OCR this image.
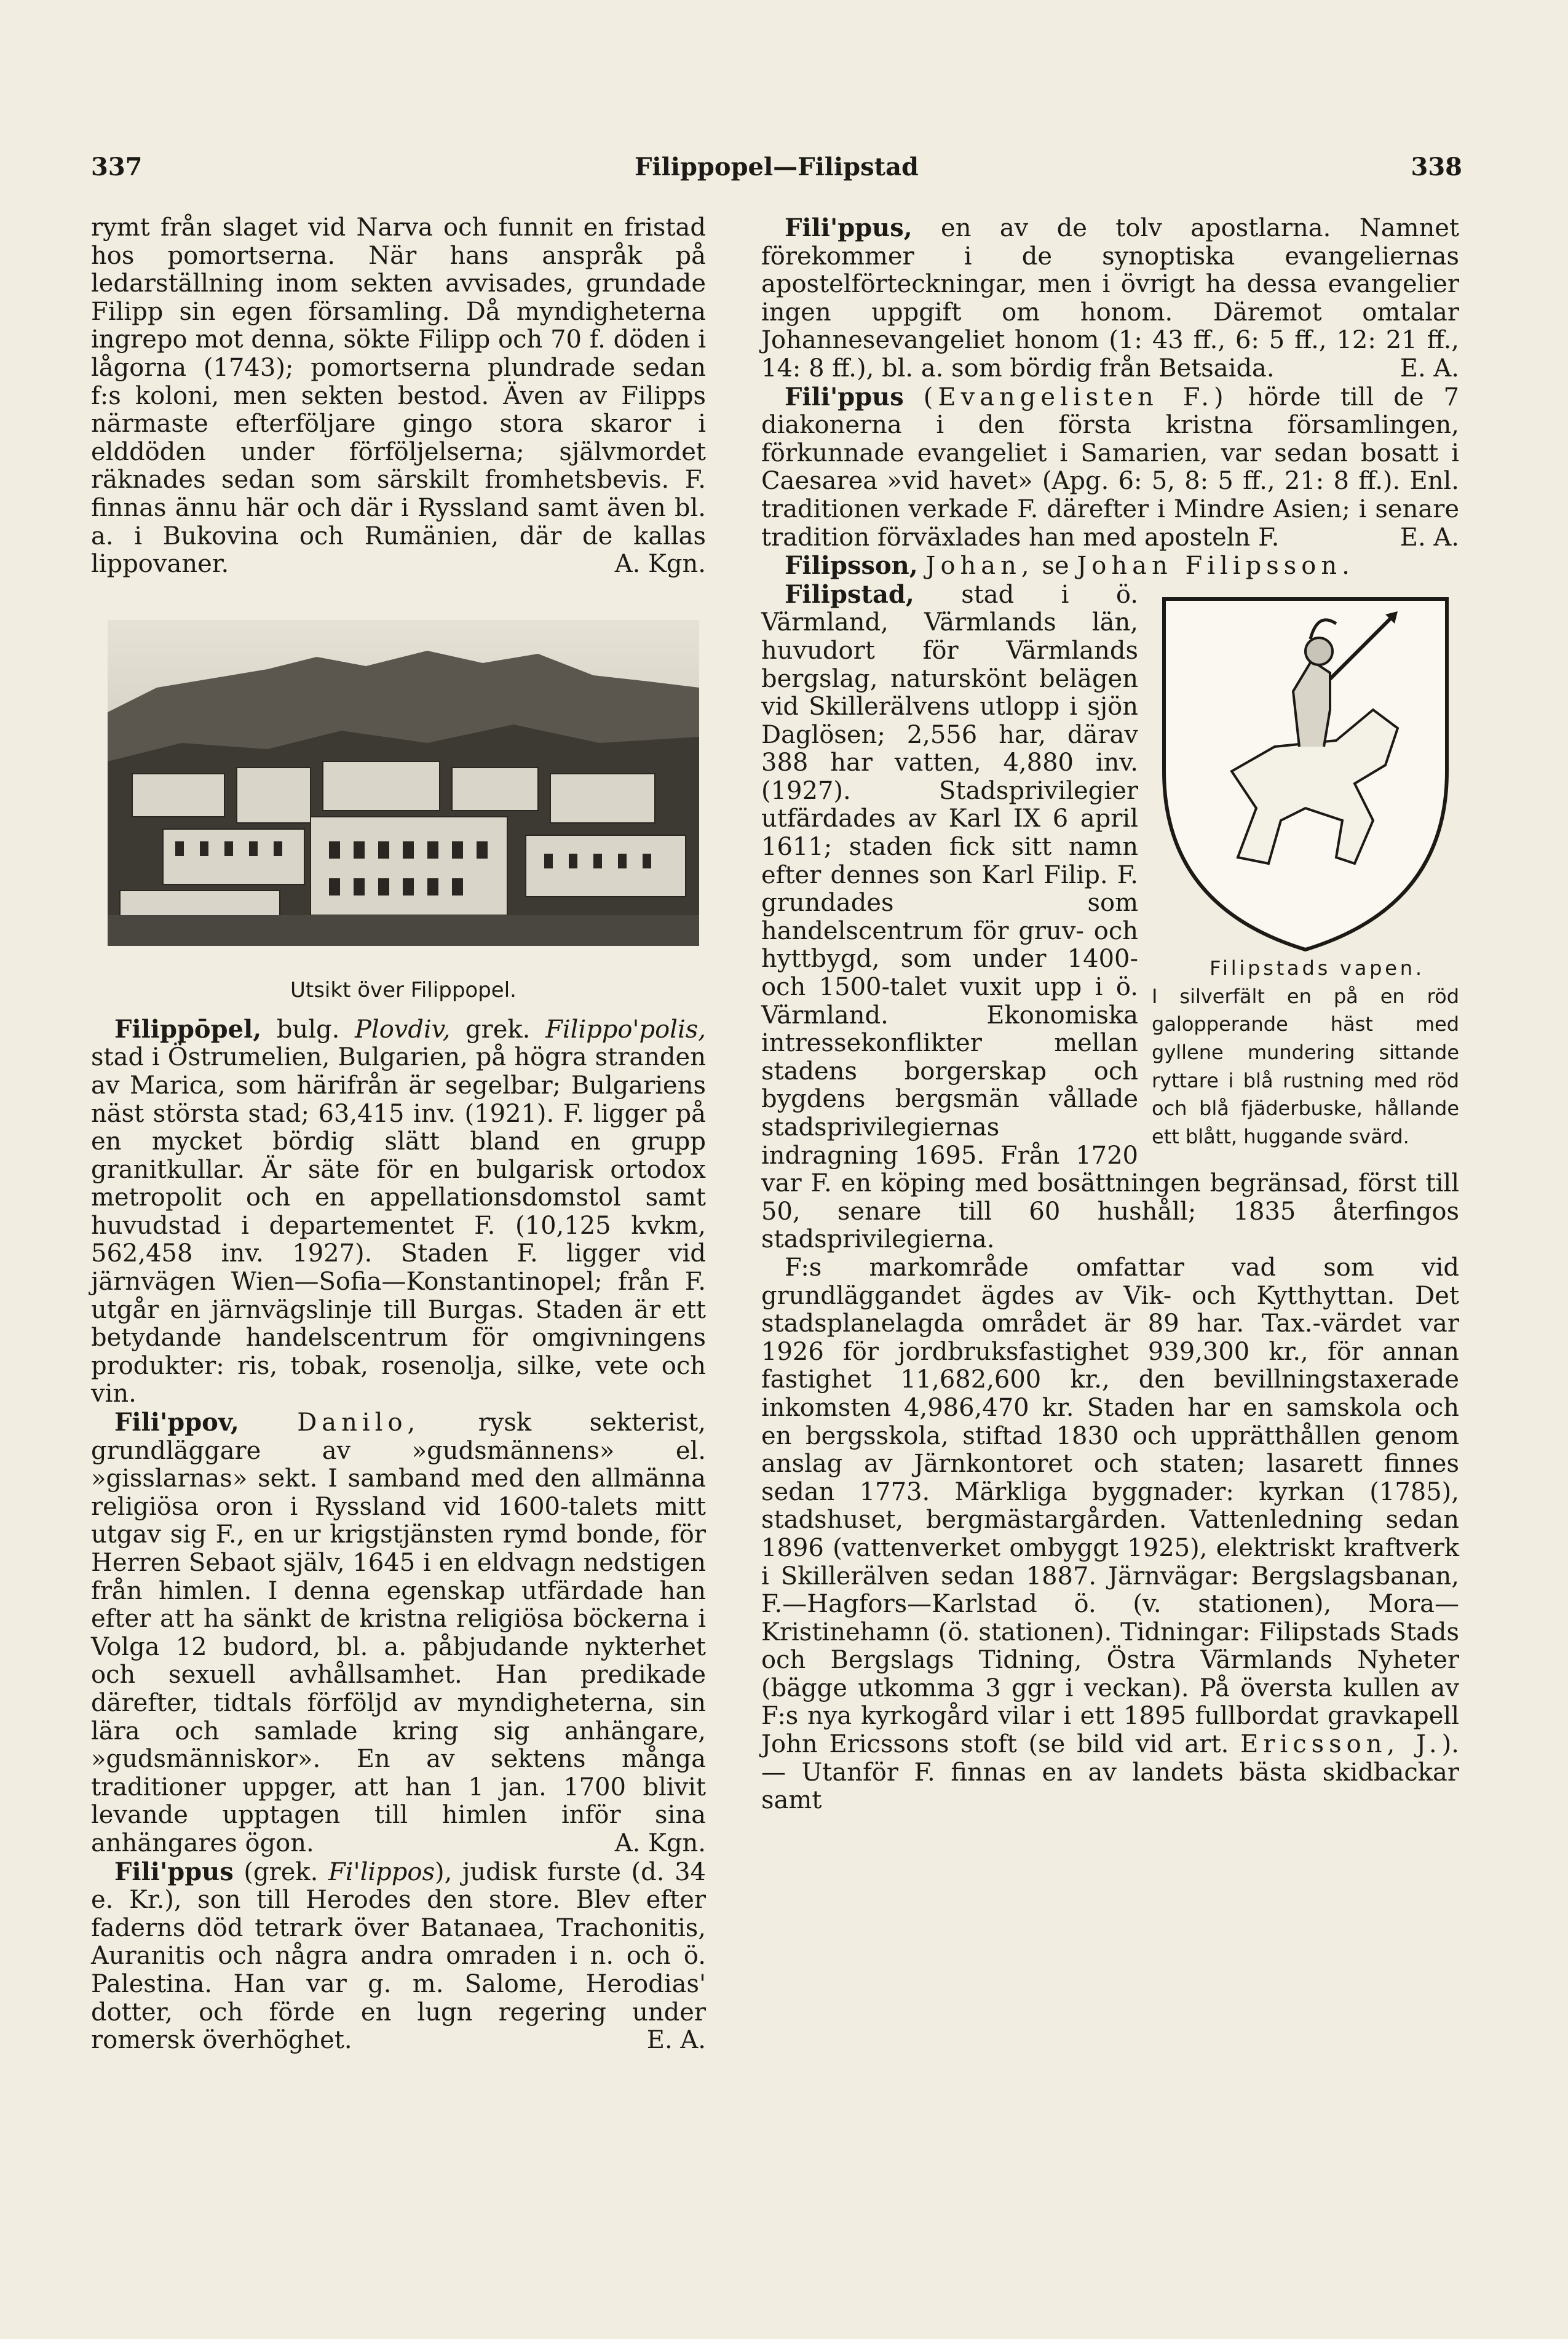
337	Filippopel—Filipstad	338

rymt från slaget vid Narva och funnit en fristad hos pomortserna. När hans anspråk på ledarställning inom sekten avvisades, grundade Filipp sin egen församling. Då myndigheterna ingrepo mot denna, sökte Filipp och 70 f. döden i lågorna (1743); pomortserna plundrade sedan f:s koloni, men sekten bestod. Även av Filipps närmaste efterföljare gingo stora skaror i elddöden under förföljelserna; självmordet räknades sedan som särskilt fromhetsbevis. F. finnas ännu här och där i Ryssland samt även bl. a. i Bukovina och Rumänien, där de kallas lippovaner.	A. Kgn.

Filippōpel, bulg. Plovdiv, grek. Filippo'polis, stad i Östrumelien, Bulgarien, på högra stranden av Marica, som härifrån är segelbar; Bulgariens näst största stad; 63,415 inv. (1921). F. ligger på en mycket bördig slätt bland en grupp granitkullar. Är säte för en bulgarisk ortodox metropolit och en appellationsdomstol samt huvudstad i departementet F. (10,125 kvkm, 562,458 inv. 1927). Staden F. ligger vid järnvägen Wien—Sofia—Konstantinopel; från F. utgår en järnvägslinje till Burgas. Staden är ett betydande handelscentrum för omgivningens produkter: ris, tobak, rosenolja, silke, vete och vin.

Fili'ppov, Danilo, rysk sekterist, grundläggare av »gudsmännens» el. »gisslarnas» sekt. I samband med den allmänna religiösa oron i Ryssland vid 1600-talets mitt utgav sig F., en ur krigstjänsten rymd bonde, för Herren Sebaot själv, 1645 i en eldvagn nedstigen från himlen. I denna egenskap utfärdade han efter att ha sänkt de kristna religiösa böckerna i Volga 12 budord, bl. a. påbjudande nykterhet och sexuell avhållsamhet. Han predikade därefter, tidtals förföljd av myndigheterna, sin lära och samlade kring sig anhängare, »gudsmänniskor». En av sektens många traditioner uppger, att han 1 jan. 1700 blivit levande upptagen till himlen inför sina anhängares ögon.	A. Kgn.

Fili'ppus (grek. Fi'lippos), judisk furste (d. 34 e. Kr.), son till Herodes den store. Blev efter faderns död tetrark över Batanaea, Trachonitis, Auranitis och några andra omraden i n. och ö. Palestina. Han var g. m. Salome, Herodias' dotter, och förde en lugn regering under romersk överhöghet.	E. A.

Utsikt över Filippopel.

Fili'ppus, en av de tolv apostlarna. Namnet förekommer i de synoptiska evangeliernas apostelförteckningar, men i övrigt ha dessa evangelier ingen uppgift om honom. Däremot omtalar Johannesevangeliet honom (1: 43 ff., 6: 5 ff., 12: 21 ff., 14: 8 ff.), bl. a. som bördig från Betsaida.	E. A.

Fili'ppus (Evangelisten F.) hörde till de 7 diakonerna i den första kristna församlingen, förkunnade evangeliet i Samarien, var sedan bosatt i Caesarea »vid havet» (Apg. 6: 5, 8: 5 ff., 21: 8 ff.). Enl. traditionen verkade F. därefter i Mindre Asien; i senare tradition förväxlades han med aposteln F.	E. A.

Filipsson, Johan, se Johan Filipsson.

Filipstads vapen.
I silverfält en på en röd galopperande häst med gyllene mundering sittande ryttare i blå rustning med röd och blå fjäderbuske, hållande ett blått, huggande svärd.
Filipstad, stad i ö. Värmland, Värmlands län, huvudort för Värmlands bergslag, naturskönt belägen vid Skillerälvens utlopp i sjön Daglösen; 2,556 har, därav 388 har vatten, 4,880 inv. (1927). Stadsprivilegier utfärdades av Karl IX 6 april 1611; staden fick sitt namn efter dennes son Karl Filip. F. grundades som handelscentrum för gruv- och hyttbygd, som under 1400- och 1500-talet vuxit upp i ö. Värmland. Ekonomiska intressekonflikter mellan stadens borgerskap och bygdens bergsmän vållade stadsprivilegiernas indragning 1695. Från 1720 var F. en köping med bosättningen begränsad, först till 50, senare till 60 hushåll; 1835 återfingos stadsprivilegierna.

F:s markområde omfattar vad som vid grundläggandet ägdes av Vik- och Kytthyttan. Det stadsplanelagda området är 89 har. Tax.-värdet var 1926 för jordbruksfastighet 939,300 kr., för annan fastighet 11,682,600 kr., den bevillningstaxerade inkomsten 4,986,470 kr. Staden har en samskola och en bergsskola, stiftad 1830 och upprätthållen genom anslag av Järnkontoret och staten; lasarett finnes sedan 1773. Märkliga byggnader: kyrkan (1785), stadshuset, bergmästargården. Vattenledning sedan 1896 (vattenverket ombyggt 1925), elektriskt kraftverk i Skillerälven sedan 1887. Järnvägar: Bergslagsbanan, F.—Hagfors—Karlstad ö. (v. stationen), Mora—Kristinehamn (ö. stationen). Tidningar: Filipstads Stads och Bergslags Tidning, Östra Värmlands Nyheter (bägge utkomma 3 ggr i veckan). På översta kullen av F:s nya kyrkogård vilar i ett 1895 fullbordat gravkapell John Ericssons stoft (se bild vid art. Ericsson, J.). — Utanför F. finnas en av landets bästa skidbackar samt
